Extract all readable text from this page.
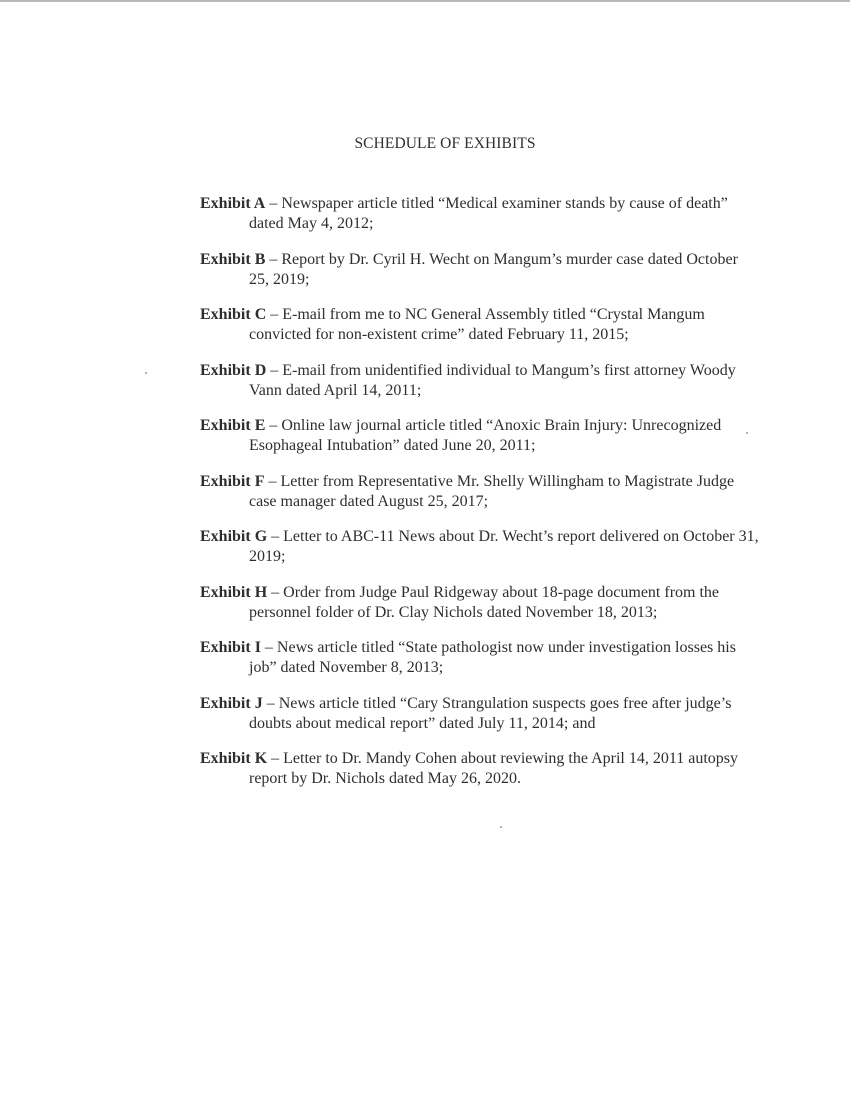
SCHEDULE OF EXHIBITS

Exhibit A – Newspaper article titled “Medical examiner stands by cause of death” dated May 4, 2012;

Exhibit B – Report by Dr. Cyril H. Wecht on Mangum’s murder case dated October 25, 2019;

Exhibit C – E-mail from me to NC General Assembly titled “Crystal Mangum convicted for non-existent crime” dated February 11, 2015;

Exhibit D – E-mail from unidentified individual to Mangum’s first attorney Woody Vann dated April 14, 2011;

Exhibit E – Online law journal article titled “Anoxic Brain Injury: Unrecognized Esophageal Intubation” dated June 20, 2011;

Exhibit F – Letter from Representative Mr. Shelly Willingham to Magistrate Judge case manager dated August 25, 2017;

Exhibit G – Letter to ABC-11 News about Dr. Wecht’s report delivered on October 31, 2019;

Exhibit H – Order from Judge Paul Ridgeway about 18-page document from the personnel folder of Dr. Clay Nichols dated November 18, 2013;

Exhibit I – News article titled “State pathologist now under investigation losses his job” dated November 8, 2013;

Exhibit J – News article titled “Cary Strangulation suspects goes free after judge’s doubts about medical report” dated July 11, 2014; and

Exhibit K – Letter to Dr. Mandy Cohen about reviewing the April 14, 2011 autopsy report by Dr. Nichols dated May 26, 2020.
